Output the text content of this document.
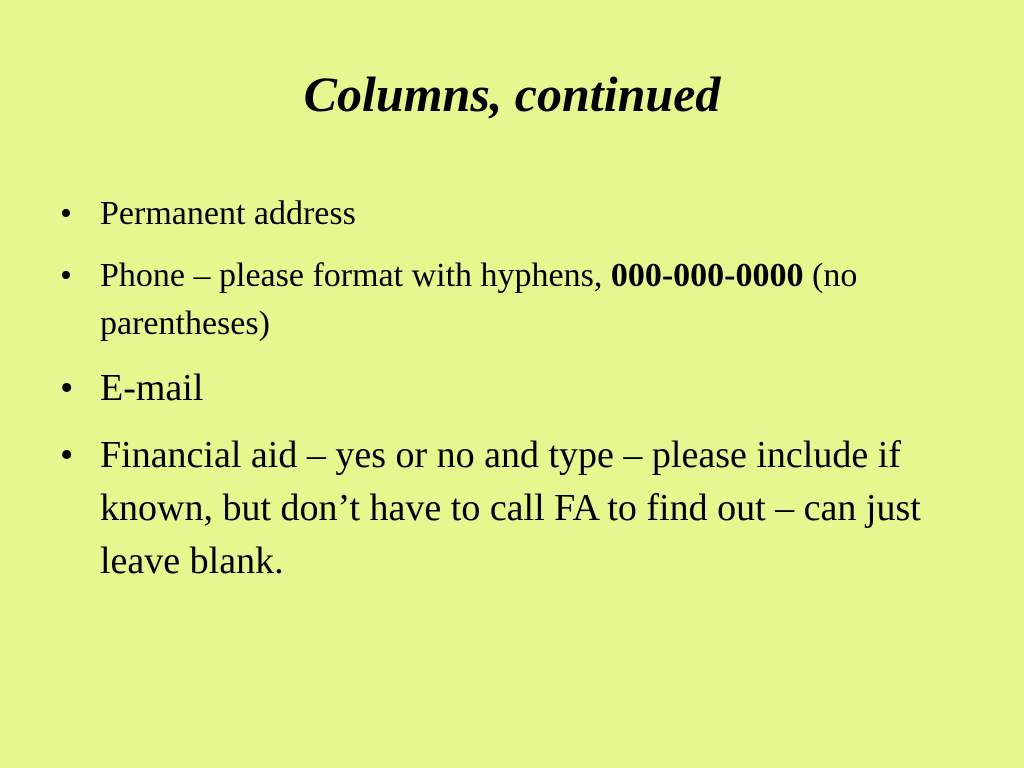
Columns, continued
• Permanent address
• Phone – please format with hyphens, 000-000-0000 (no parentheses)
• E-mail
• Financial aid – yes or no and type – please include if known, but don’t have to call FA to find out – can just leave blank.
